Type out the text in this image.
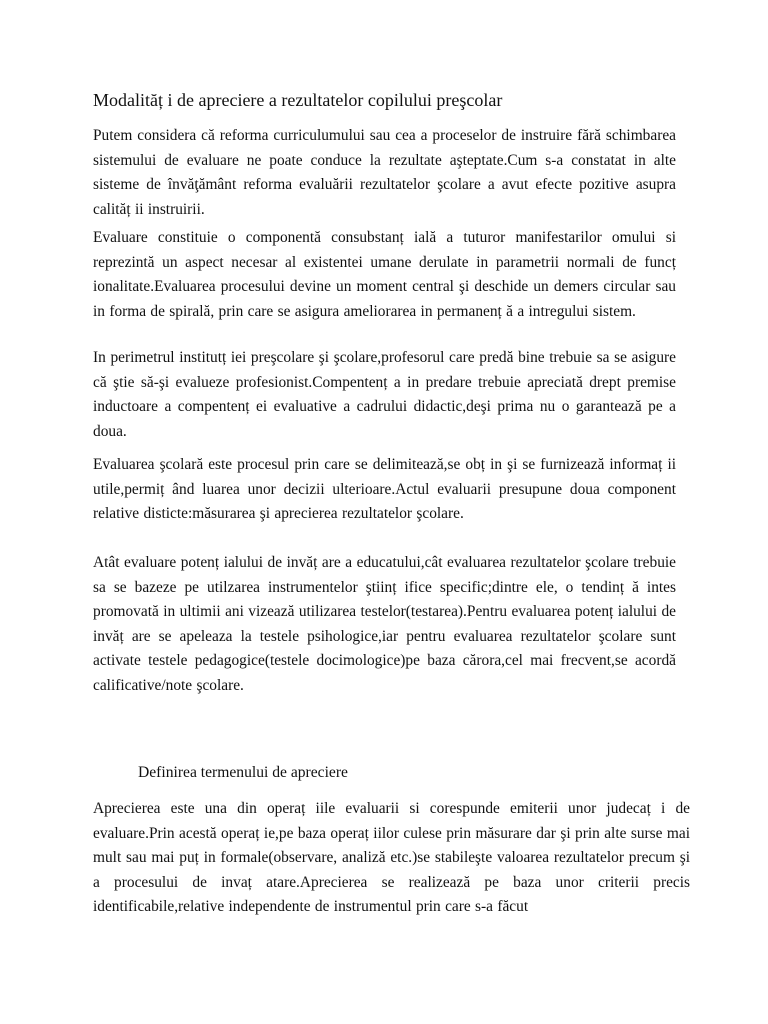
Modalităț i de apreciere a rezultatelor copilului preşcolar

Putem considera că reforma curriculumului sau cea a proceselor de instruire fără schimbarea sistemului de evaluare ne poate conduce la rezultate aşteptate.Cum s-a constatat in alte sisteme de învăţământ reforma evaluării rezultatelor şcolare a avut efecte pozitive asupra calităț ii instruirii.

Evaluare constituie o componentă consubstanț ială a tuturor manifestarilor omului si reprezintă un aspect necesar al existentei umane derulate in parametrii normali de funcț ionalitate.Evaluarea procesului devine un moment central şi deschide un demers circular sau in forma de spirală, prin care se asigura ameliorarea in permanenț ă a intregului sistem.

In perimetrul institutț iei preşcolare şi şcolare,profesorul care predă bine trebuie sa se asigure că ştie să-şi evalueze profesionist.Compentenț a in predare trebuie apreciată drept premise inductoare a compentenț ei evaluative a cadrului didactic,deşi prima nu o garantează pe a doua.

Evaluarea şcolară este procesul prin care se delimitează,se obț in şi se furnizează informaț ii utile,permiț ând luarea unor decizii ulterioare.Actul evaluarii presupune doua component relative disticte:măsurarea şi aprecierea rezultatelor şcolare.

Atât evaluare potenț ialului de invăț are a educatului,cât evaluarea rezultatelor şcolare trebuie sa se bazeze pe utilzarea instrumentelor ştiinț ifice specific;dintre ele, o tendinț ă intes promovată in ultimii ani vizează utilizarea testelor(testarea).Pentru evaluarea potenț ialului de invăț are se apeleaza la testele psihologice,iar pentru evaluarea rezultatelor şcolare sunt activate testele pedagogice(testele docimologice)pe baza cărora,cel mai frecvent,se acordă calificative/note şcolare.

Definirea termenului de apreciere

Aprecierea este una din operaț iile evaluarii si corespunde emiterii unor judecaț i de evaluare.Prin acestă operaț ie,pe baza operaț iilor culese prin măsurare dar şi prin alte surse mai mult sau mai puț in formale(observare, analiză etc.)se stabileşte valoarea rezultatelor precum şi a procesului de invaț atare.Aprecierea se realizează pe baza unor criterii precis identificabile,relative independente de instrumentul prin care s-a făcut
